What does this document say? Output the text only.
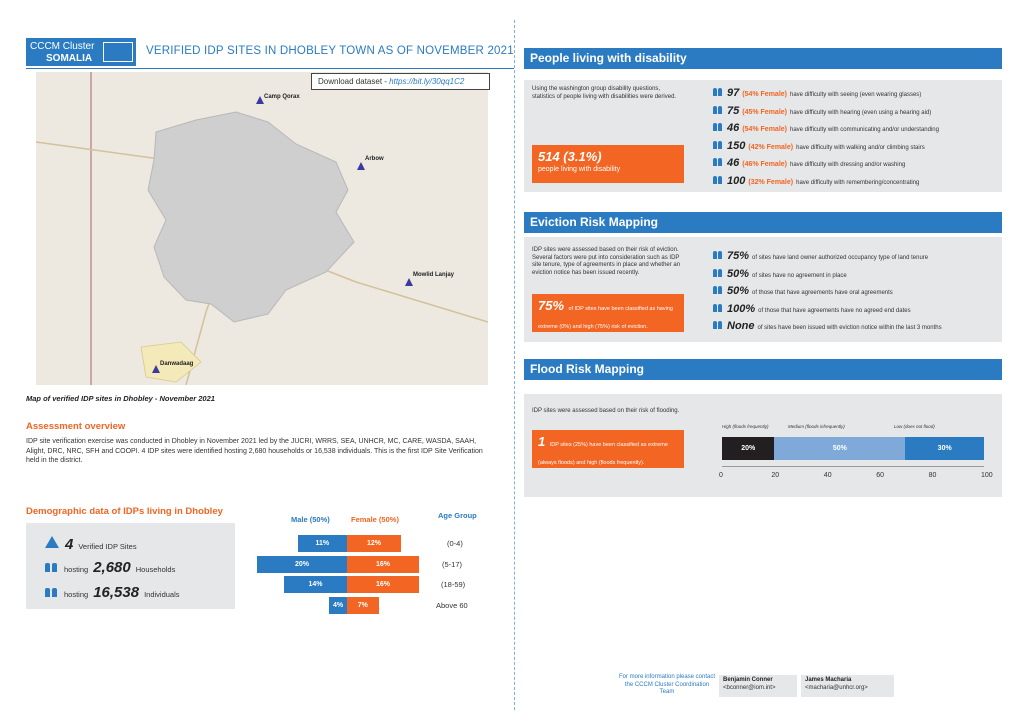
CCCM Cluster
SOMALIA
VERIFIED IDP SITES IN DHOBLEY TOWN AS OF NOVEMBER 2021
Download dataset - https://bit.ly/30qq1C2
Camp Qorax
Arbow
Mowlid Lanjay
Danwadaag
Map of verified IDP sites in Dhobley - November 2021
Assessment overview
IDP site verification exercise was conducted in Dhobley in November 2021 led by the JUCRI, WRRS, SEA, UNHCR, MC, CARE, WASDA, SAAH, Alight, DRC, NRC, SFH and COOPI. 4 IDP sites were identified hosting 2,680 households or 16,538 individuals. This is the first IDP Site Verification held in the district.
Demographic data of IDPs living in Dhobley
4 Verified IDP Sites
hosting 2,680 Households
hosting 16,538 Individuals
Male (50%)	Female (50%)	Age Group
11%	12%	(0-4)
20%	16%	(5-17)
14%	16%	(18-59)
4%	7%	Above 60
People living with disability
Using the washington group disability questions, statistics of people living with disabilities were derived.
514 (3.1%)
people living with disability
97 (54% Female) have difficulty with seeing (even wearing glasses)
75 (45% Female) have difficulty with hearing (even using a hearing aid)
46 (54% Female) have difficulty with communicating and/or understanding
150 (42% Female) have difficulty with walking and/or climbing stairs
46 (46% Female) have difficulty with dressing and/or washing
100 (32% Female) have difficulty with remembering/concentrating
Eviction Risk Mapping
IDP sites were assessed based on their risk of eviction. Several factors were put into consideration such as IDP site tenure, type of agreements in place and whether an eviction notice has been issued recently.
75% of IDP sites have been classified as having extreme (0%) and high (75%) risk of eviction.
75% of sites have land owner authorized occupancy type of land tenure
50% of sites have no agreement in place
50% of those that have agreements have oral agreements
100% of those that have agreements have no agreed end dates
None of sites have been issued with eviction notice within the last 3 months
Flood Risk Mapping
IDP sites were assessed based on their risk of flooding.
1 IDP sites (25%) have been classified as extreme (always floods) and high (floods frequently).
High (floods frequently)
20%
Medium (floods infrequently)
50%
Low (does not flood)
30%
0	20	40	60	80	100
For more information please contact the CCCM Cluster Coordination Team
Benjamin Conner
<bconner@iom.int>
James Macharia
<macharia@unhcr.org>
